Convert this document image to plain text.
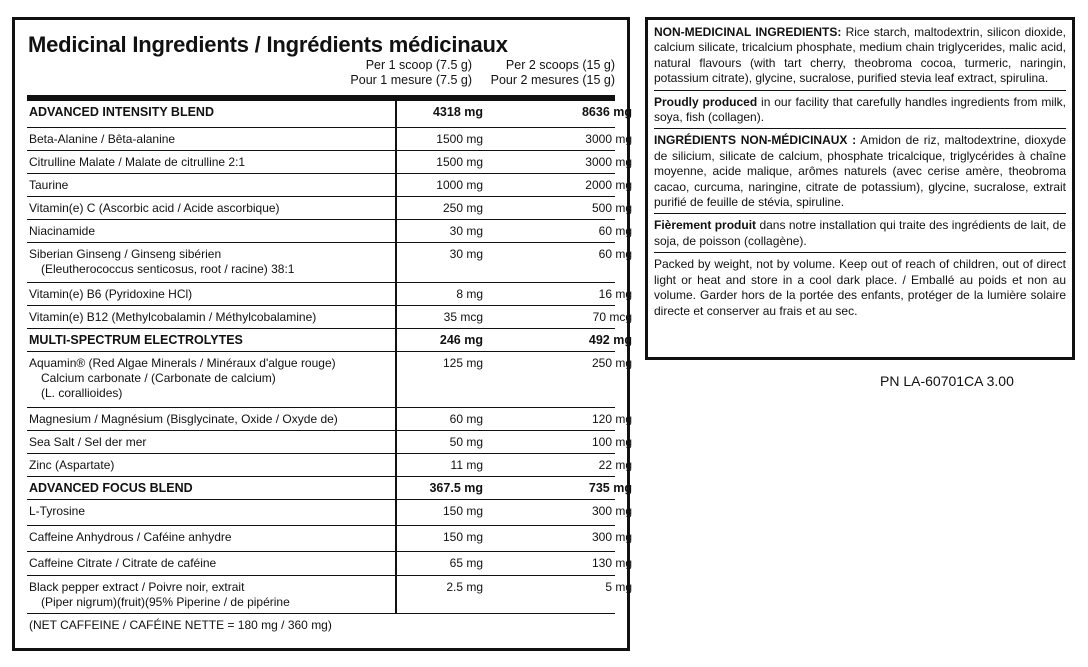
Medicinal Ingredients / Ingrédients médicinaux
Per 1 scoop (7.5 g)
Pour 1 mesure (7.5 g)
Per 2 scoops (15 g)
Pour 2 mesures (15 g)
ADVANCED INTENSITY BLEND	4318 mg	8636 mg
Beta-Alanine / Bêta-alanine	1500 mg	3000 mg
Citrulline Malate / Malate de citrulline 2:1	1500 mg	3000 mg
Taurine	1000 mg	2000 mg
Vitamin(e) C (Ascorbic acid / Acide ascorbique)	250 mg	500 mg
Niacinamide	30 mg	60 mg
Siberian Ginseng / Ginseng sibérien
(Eleutherococcus senticosus, root / racine) 38:1
30 mg	60 mg
Vitamin(e) B6 (Pyridoxine HCl)	8 mg	16 mg
Vitamin(e) B12 (Methylcobalamin / Méthylcobalamine)	35 mcg	70 mcg
MULTI-SPECTRUM ELECTROLYTES	246 mg	492 mg
Aquamin® (Red Algae Minerals / Minéraux d'algue rouge)
Calcium carbonate / (Carbonate de calcium)
(L. corallioides)
125 mg	250 mg
Magnesium / Magnésium (Bisglycinate, Oxide / Oxyde de)	60 mg	120 mg
Sea Salt / Sel der mer	50 mg	100 mg
Zinc (Aspartate)	11 mg	22 mg
ADVANCED FOCUS BLEND	367.5 mg	735 mg
L-Tyrosine	150 mg	300 mg
Caffeine Anhydrous / Caféine anhydre	150 mg	300 mg
Caffeine Citrate / Citrate de caféine	65 mg	130 mg
Black pepper extract / Poivre noir, extrait
(Piper nigrum)(fruit)(95% Piperine / de pipérine
2.5 mg	5 mg
(NET CAFFEINE / CAFÉINE NETTE = 180 mg / 360 mg)
NON-MEDICINAL INGREDIENTS: Rice starch, maltodextrin, silicon dioxide, calcium silicate, tricalcium phosphate, medium chain triglycerides, malic acid, natural flavours (with tart cherry, theobroma cocoa, turmeric, naringin, potassium citrate), glycine, sucralose, purified stevia leaf extract, spirulina.
Proudly produced in our facility that carefully handles ingredients from milk, soya, fish (collagen).
INGRÉDIENTS NON-MÉDICINAUX : Amidon de riz, maltodextrine, dioxyde de silicium, silicate de calcium, phosphate tricalcique, triglycérides à chaîne moyenne, acide malique, arômes naturels (avec cerise amère, theobroma cacao, curcuma, naringine, citrate de potassium), glycine, sucralose, extrait purifié de feuille de stévia, spiruline.
Fièrement produit dans notre installation qui traite des ingrédients de lait, de soja, de poisson (collagène).
Packed by weight, not by volume. Keep out of reach of children, out of direct light or heat and store in a cool dark place. / Emballé au poids et non au volume. Garder hors de la portée des enfants, protéger de la lumière solaire directe et conserver au frais et au sec.
PN LA-60701CA 3.00
